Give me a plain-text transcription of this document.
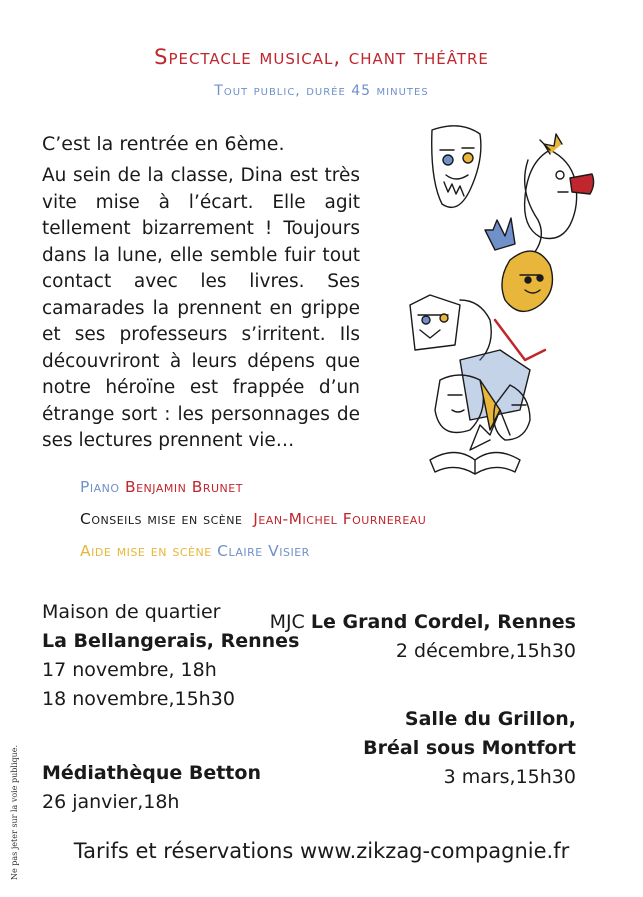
Spectacle musical, chant théâtre
Tout public, durée 45 minutes
C’est la rentrée en 6ème.
Au sein de la classe, Dina est très vite mise à l’écart. Elle agit tellement bizarrement ! Toujours dans la lune, elle semble fuir tout contact avec les livres. Ses camarades la prennent en grippe et ses professeurs s’irritent. Ils découvriront à leurs dépens que notre héroïne est frappée d’un étrange sort : les personnages de ses lectures prennent vie…
Piano Benjamin Brunet
Conseils mise en scène Jean-Michel Fournereau
Aide mise en scène Claire Visier
Maison de quartier
La Bellangerais, Rennes
17 novembre, 18h
18 novembre,15h30
Médiathèque Betton
26 janvier,18h
MJC Le Grand Cordel, Rennes
2 décembre,15h30
Salle du Grillon,
Bréal sous Montfort
3 mars,15h30
Tarifs et réservations www.zikzag-compagnie.fr
Ne pas jeter sur la voie publique.
